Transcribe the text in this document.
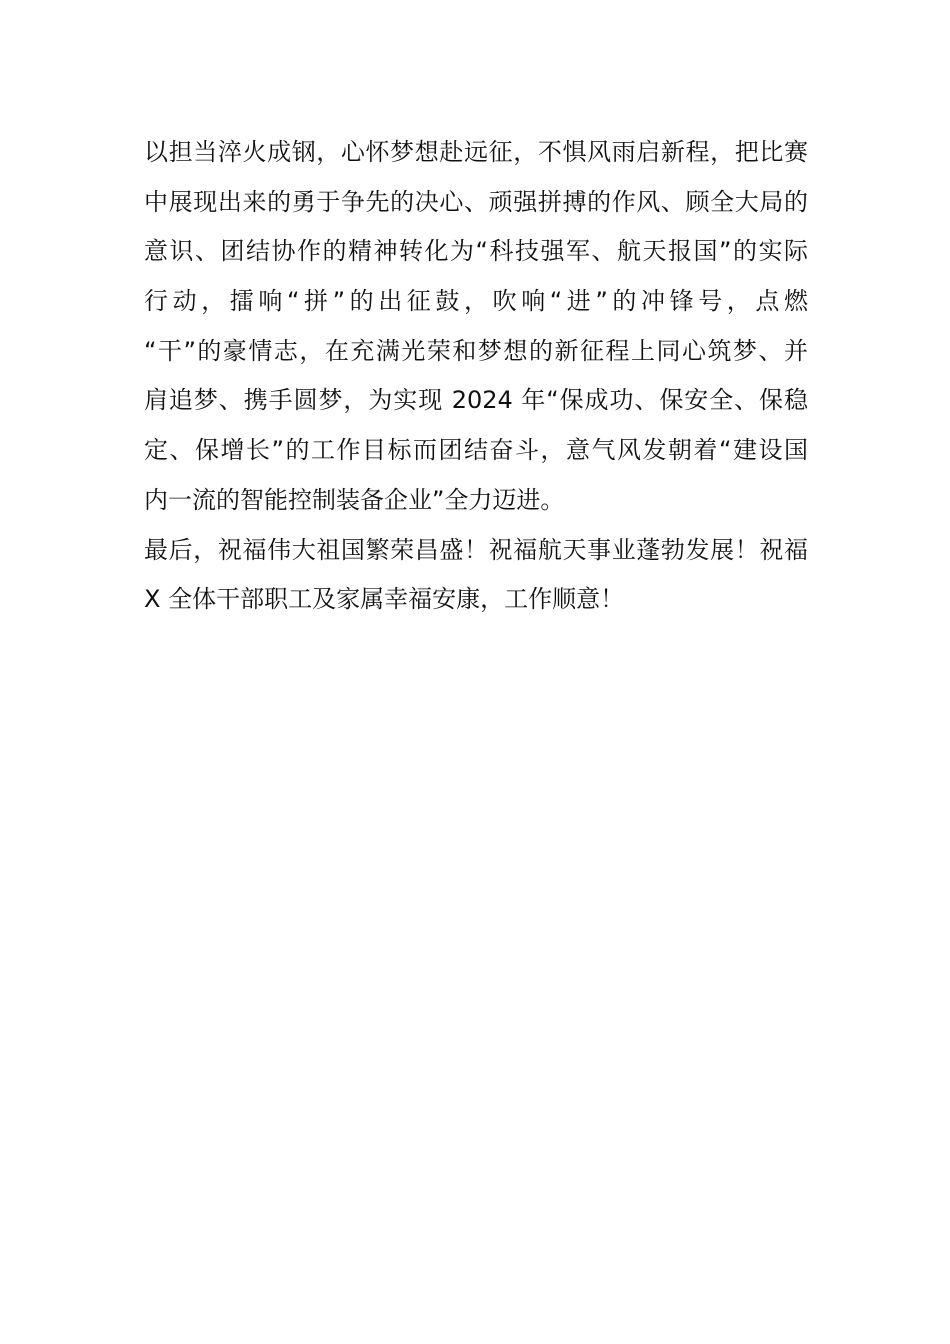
以担当淬火成钢，心怀梦想赴远征，不惧风雨启新程，把比赛
中展现出来的勇于争先的决心、顽强拼搏的作风、顾全大局的
意识、团结协作的精神转化为“科技强军、航天报国”的实际
行动，擂响“拼”的出征鼓，吹响“进”的冲锋号，点燃
“干”的豪情志，在充满光荣和梦想的新征程上同心筑梦、并
肩追梦、携手圆梦，为实现 2024 年“保成功、保安全、保稳
定、保增长”的工作目标而团结奋斗，意气风发朝着“建设国
内一流的智能控制装备企业”全力迈进。
最后，祝福伟大祖国繁荣昌盛！祝福航天事业蓬勃发展！祝福
X 全体干部职工及家属幸福安康，工作顺意！
